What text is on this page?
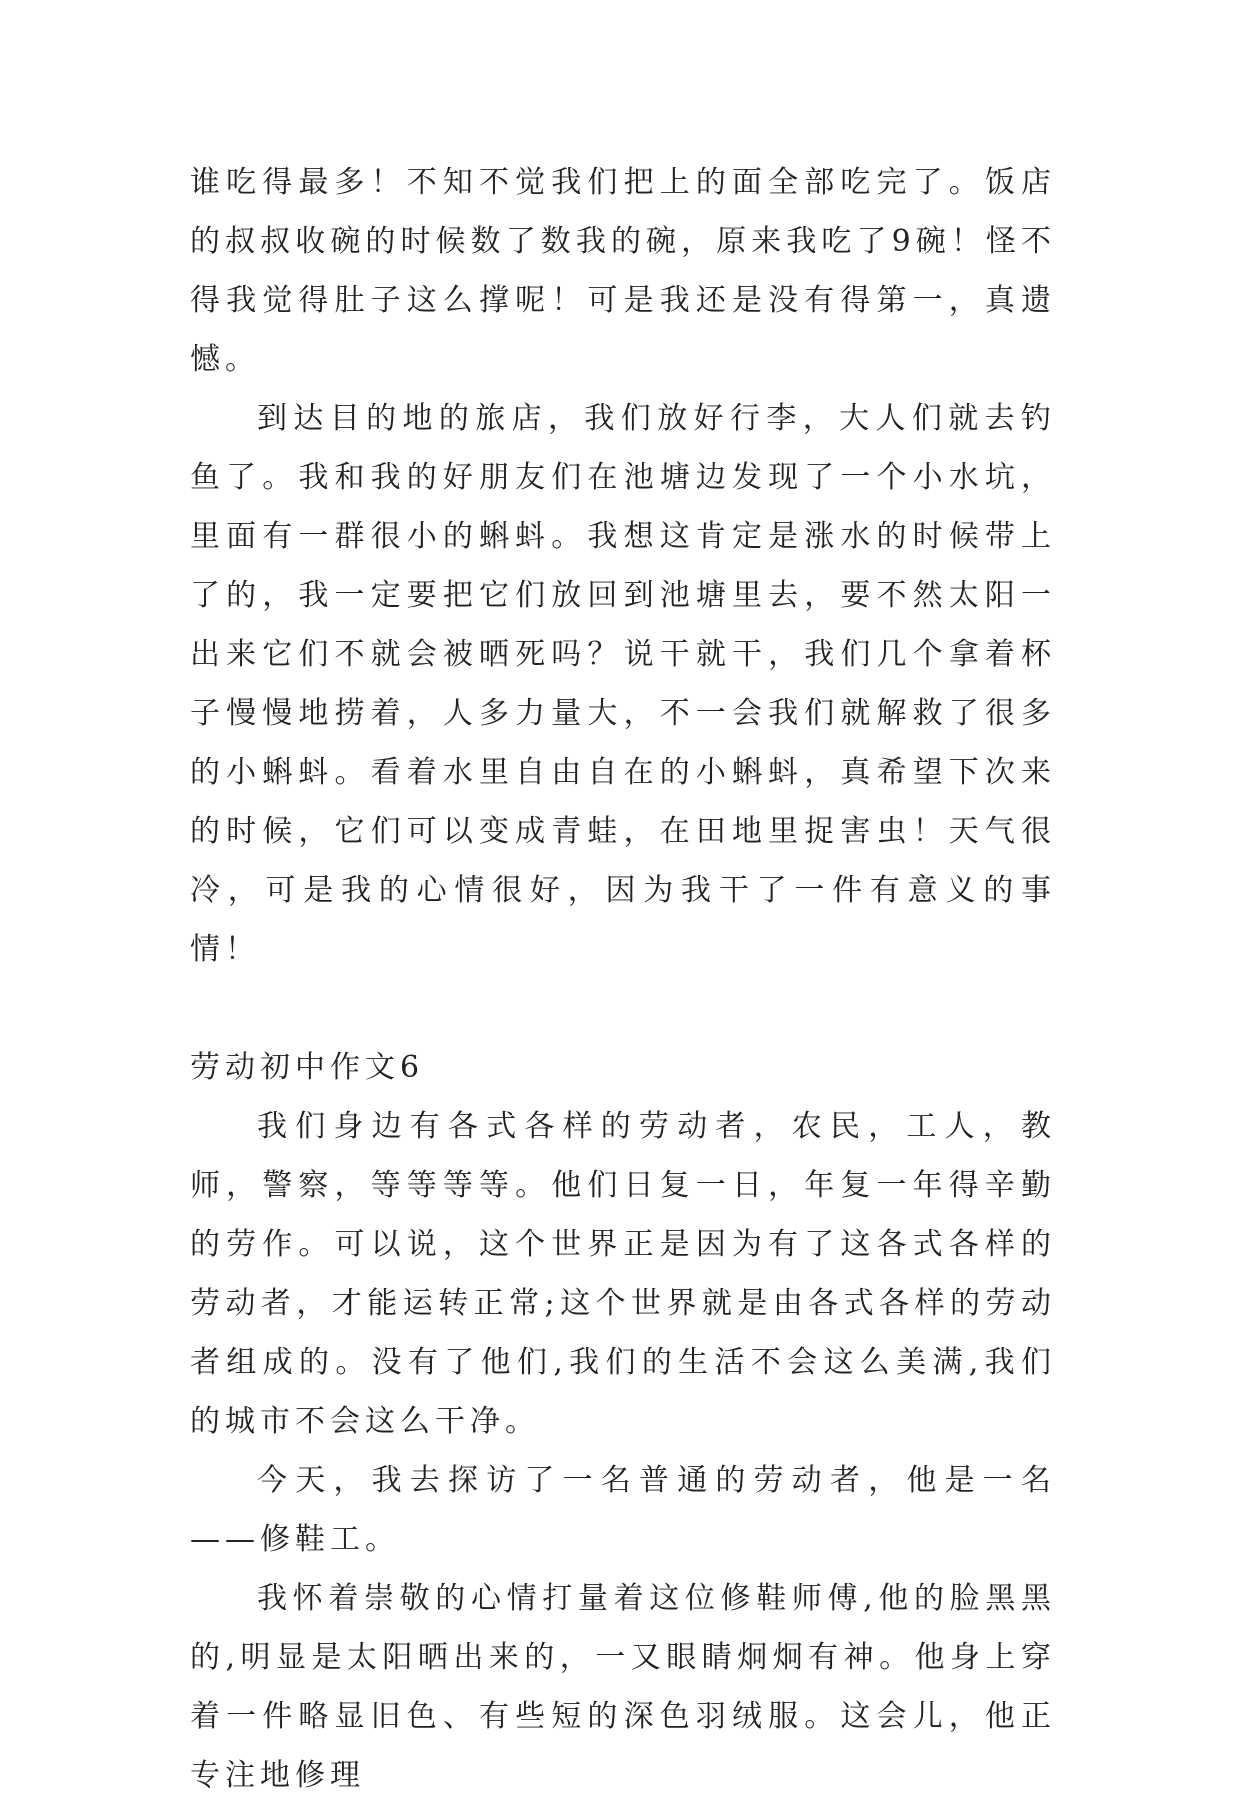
谁吃得最多！不知不觉我们把上的面全部吃完了。饭店的叔叔收碗的时候数了数我的碗，原来我吃了9碗！怪不得我觉得肚子这么撑呢！可是我还是没有得第一，真遗憾。

到达目的地的旅店，我们放好行李，大人们就去钓鱼了。我和我的好朋友们在池塘边发现了一个小水坑，里面有一群很小的蝌蚪。我想这肯定是涨水的时候带上了的，我一定要把它们放回到池塘里去，要不然太阳一出来它们不就会被晒死吗？说干就干，我们几个拿着杯子慢慢地捞着，人多力量大，不一会我们就解救了很多的小蝌蚪。看着水里自由自在的小蝌蚪，真希望下次来的时候，它们可以变成青蛙，在田地里捉害虫！天气很冷，可是我的心情很好，因为我干了一件有意义的事情！

劳动初中作文6

我们身边有各式各样的劳动者，农民，工人，教师，警察，等等等等。他们日复一日，年复一年得辛勤的劳作。可以说，这个世界正是因为有了这各式各样的劳动者，才能运转正常;这个世界就是由各式各样的劳动者组成的。没有了他们,我们的生活不会这么美满,我们的城市不会这么干净。

今天，我去探访了一名普通的劳动者，他是一名——修鞋工。

我怀着崇敬的心情打量着这位修鞋师傅,他的脸黑黑的,明显是太阳晒出来的，一又眼睛炯炯有神。他身上穿着一件略显旧色、有些短的深色羽绒服。这会儿，他正专注地修理
